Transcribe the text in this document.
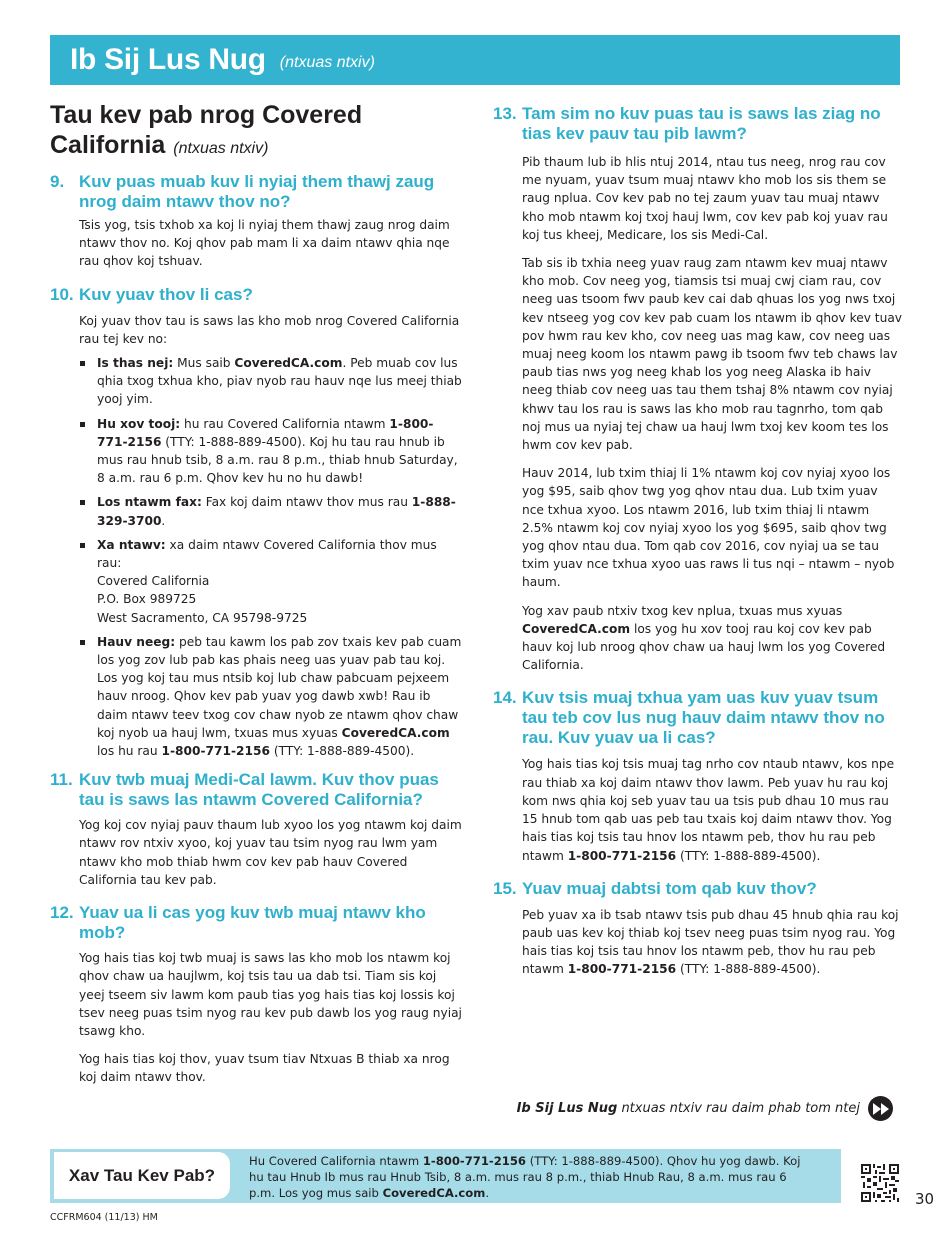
Ib Sij Lus Nug (ntxuas ntxiv)
Tau kev pab nrog Covered
California (ntxuas ntxiv)
9. Kuv puas muab kuv li nyiaj them thawj zaug nrog daim ntawv thov no?

Tsis yog, tsis txhob xa koj li nyiaj them thawj zaug nrog daim ntawv thov no. Koj qhov pab mam li xa daim ntawv qhia nqe rau qhov koj tshuav.

10. Kuv yuav thov li cas?

Koj yuav thov tau is saws las kho mob nrog Covered California rau tej kev no:

Is thas nej: Mus saib CoveredCA.com. Peb muab cov lus qhia txog txhua kho, piav nyob rau hauv nqe lus meej thiab yooj yim.
Hu xov tooj: hu rau Covered California ntawm 1-800-771-2156 (TTY: 1-888-889-4500). Koj hu tau rau hnub ib mus rau hnub tsib, 8 a.m. rau 8 p.m., thiab hnub Saturday, 8 a.m. rau 6 p.m. Qhov kev hu no hu dawb!
Los ntawm fax: Fax koj daim ntawv thov mus rau 1-888-329-3700.
Xa ntawv: xa daim ntawv Covered California thov mus rau:
Covered California
P.O. Box 989725
West Sacramento, CA 95798-9725
Hauv neeg: peb tau kawm los pab zov txais kev pab cuam los yog zov lub pab kas phais neeg uas yuav pab tau koj. Los yog koj tau mus ntsib koj lub chaw pabcuam pejxeem hauv nroog. Qhov kev pab yuav yog dawb xwb! Rau ib daim ntawv teev txog cov chaw nyob ze ntawm qhov chaw koj nyob ua hauj lwm, txuas mus xyuas CoveredCA.com los hu rau 1-800-771-2156 (TTY: 1-888-889-4500).
11. Kuv twb muaj Medi-Cal lawm. Kuv thov puas tau is saws las ntawm Covered California?

Yog koj cov nyiaj pauv thaum lub xyoo los yog ntawm koj daim ntawv rov ntxiv xyoo, koj yuav tau tsim nyog rau lwm yam ntawv kho mob thiab hwm cov kev pab hauv Covered California tau kev pab.

12. Yuav ua li cas yog kuv twb muaj ntawv kho mob?

Yog hais tias koj twb muaj is saws las kho mob los ntawm koj qhov chaw ua haujlwm, koj tsis tau ua dab tsi. Tiam sis koj yeej tseem siv lawm kom paub tias yog hais tias koj lossis koj tsev neeg puas tsim nyog rau kev pub dawb los yog raug nyiaj tsawg kho.

Yog hais tias koj thov, yuav tsum tiav Ntxuas B thiab xa nrog koj daim ntawv thov.

13. Tam sim no kuv puas tau is saws las ziag no tias kev pauv tau pib lawm?

Pib thaum lub ib hlis ntuj 2014, ntau tus neeg, nrog rau cov me nyuam, yuav tsum muaj ntawv kho mob los sis them se raug nplua. Cov kev pab no tej zaum yuav tau muaj ntawv kho mob ntawm koj txoj hauj lwm, cov kev pab koj yuav rau koj tus kheej, Medicare, los sis Medi-Cal.

Tab sis ib txhia neeg yuav raug zam ntawm kev muaj ntawv kho mob. Cov neeg yog, tiamsis tsi muaj cwj ciam rau, cov neeg uas tsoom fwv paub kev cai dab qhuas los yog nws txoj kev ntseeg yog cov kev pab cuam los ntawm ib qhov kev tuav pov hwm rau kev kho, cov neeg uas mag kaw, cov neeg uas muaj neeg koom los ntawm pawg ib tsoom fwv teb chaws lav paub tias nws yog neeg khab los yog neeg Alaska ib haiv neeg thiab cov neeg uas tau them tshaj 8% ntawm cov nyiaj khwv tau los rau is saws las kho mob rau tagnrho, tom qab noj mus ua nyiaj tej chaw ua hauj lwm txoj kev koom tes los hwm cov kev pab.

Hauv 2014, lub txim thiaj li 1% ntawm koj cov nyiaj xyoo los yog $95, saib qhov twg yog qhov ntau dua. Lub txim yuav nce txhua xyoo. Los ntawm 2016, lub txim thiaj li ntawm 2.5% ntawm koj cov nyiaj xyoo los yog $695, saib qhov twg yog qhov ntau dua. Tom qab cov 2016, cov nyiaj ua se tau txim yuav nce txhua xyoo uas raws li tus nqi – ntawm – nyob haum.

Yog xav paub ntxiv txog kev nplua, txuas mus xyuas CoveredCA.com los yog hu xov tooj rau koj cov kev pab hauv koj lub nroog qhov chaw ua hauj lwm los yog Covered California.

14. Kuv tsis muaj txhua yam uas kuv yuav tsum tau teb cov lus nug hauv daim ntawv thov no rau. Kuv yuav ua li cas?

Yog hais tias koj tsis muaj tag nrho cov ntaub ntawv, kos npe rau thiab xa koj daim ntawv thov lawm. Peb yuav hu rau koj kom nws qhia koj seb yuav tau ua tsis pub dhau 10 mus rau 15 hnub tom qab uas peb tau txais koj daim ntawv thov. Yog hais tias koj tsis tau hnov los ntawm peb, thov hu rau peb ntawm 1-800-771-2156 (TTY: 1-888-889-4500).

15. Yuav muaj dabtsi tom qab kuv thov?

Peb yuav xa ib tsab ntawv tsis pub dhau 45 hnub qhia rau koj paub uas kev koj thiab koj tsev neeg puas tsim nyog rau. Yog hais tias koj tsis tau hnov los ntawm peb, thov hu rau peb ntawm 1-800-771-2156 (TTY: 1-888-889-4500).

Ib Sij Lus Nug
ntxuas ntxiv rau daim phab tom ntej
Xav Tau Kev Pab?
Hu Covered California ntawm 1-800-771-2156 (TTY: 1-888-889-4500). Qhov hu yog dawb. Koj hu tau Hnub Ib mus rau Hnub Tsib, 8 a.m. mus rau 8 p.m., thiab Hnub Rau, 8 a.m. mus rau 6 p.m. Los yog mus saib CoveredCA.com.	30
CCFRM604 (11/13) HM
